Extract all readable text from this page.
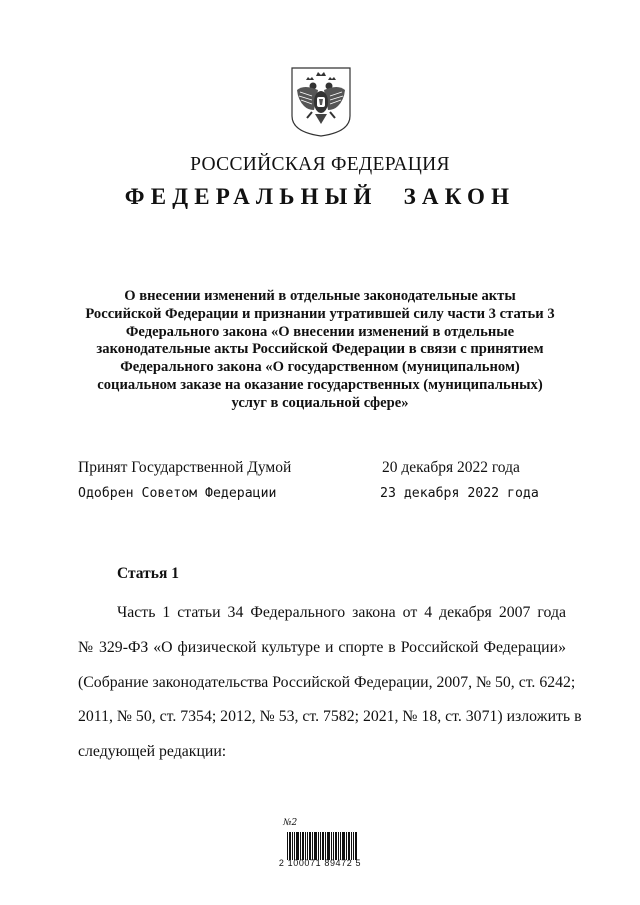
РОССИЙСКАЯ ФЕДЕРАЦИЯ
ФЕДЕРАЛЬНЫЙ ЗАКОН
О внесении изменений в отдельные законодательные акты
Российской Федерации и признании утратившей силу части 3 статьи 3
Федерального закона «О внесении изменений в отдельные
законодательные акты Российской Федерации в связи с принятием
Федерального закона «О государственном (муниципальном)
социальном заказе на оказание государственных (муниципальных)
услуг в социальной сфере»
Принят Государственной Думой	20 декабря 2022 года
Одобрен Советом Федерации	23 декабря 2022 года
Статья 1
Часть 1 статьи 34 Федерального закона от 4 декабря 2007 года
№ 329-ФЗ «О физической культуре и спорте в Российской Федерации»
(Собрание законодательства Российской Федерации, 2007, № 50, ст. 6242;
2011, № 50, ст. 7354; 2012, № 53, ст. 7582; 2021, № 18, ст. 3071) изложить в
следующей редакции:
№2
2 100071 89472 5
